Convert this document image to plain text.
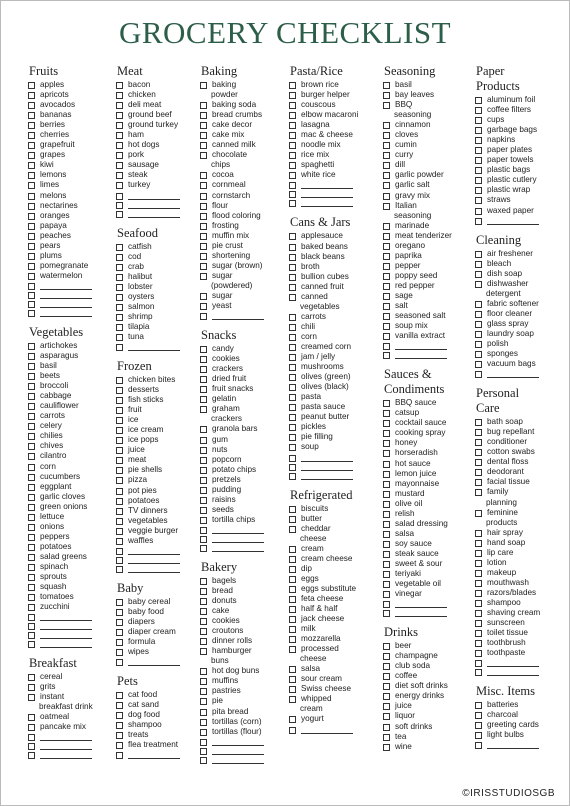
GROCERY CHECKLIST
Fruits
apples
apricots
avocados
bananas
berries
cherries
grapefruit
grapes
kiwi
lemons
limes
melons
nectarines
oranges
papaya
peaches
pears
plums
pomegranate
watermelon
Vegetables
artichokes
asparagus
basil
beets
broccoli
cabbage
cauliflower
carrots
celery
chilies
chives
cilantro
corn
cucumbers
eggplant
garlic cloves
green onions
lettuce
onions
peppers
potatoes
salad greens
spinach
sprouts
squash
tomatoes
zucchini
Breakfast
cereal
grits
instant
breakfast drink
oatmeal
pancake mix
Meat
bacon
chicken
deli meat
ground beef
ground turkey
ham
hot dogs
pork
sausage
steak
turkey
Seafood
catfish
cod
crab
halibut
lobster
oysters
salmon
shrimp
tilapia
tuna
Frozen
chicken bites
desserts
fish sticks
fruit
ice
ice cream
ice pops
juice
meat
pie shells
pizza
pot pies
potatoes
TV dinners
vegetables
veggie burger
waffles
Baby
baby cereal
baby food
diapers
diaper cream
formula
wipes
Pets
cat food
cat sand
dog food
shampoo
treats
flea treatment
Baking
baking
powder
baking soda
bread crumbs
cake decor
cake mix
canned milk
chocolate
chips
cocoa
cornmeal
cornstarch
flour
flood coloring
frosting
muffin mix
pie crust
shortening
sugar (brown)
sugar
(powdered)
sugar
yeast
Snacks
candy
cookies
crackers
dried fruit
fruit snacks
gelatin
graham
crackers
granola bars
gum
nuts
popcorn
potato chips
pretzels
pudding
raisins
seeds
tortilla chips
Bakery
bagels
bread
donuts
cake
cookies
croutons
dinner rolls
hamburger
buns
hot dog buns
muffins
pastries
pie
pita bread
tortillas (corn)
tortillas (flour)
Pasta/Rice
brown rice
burger helper
couscous
elbow macaroni
lasagna
mac & cheese
noodle mix
rice mix
spaghetti
white rice
Cans & Jars
applesauce
baked beans
black beans
broth
bullion cubes
canned fruit
canned
vegetables
carrots
chili
corn
creamed corn
jam / jelly
mushrooms
olives (green)
olives (black)
pasta
pasta sauce
peanut butter
pickles
pie filling
soup
Refrigerated
biscuits
butter
cheddar
cheese
cream
cream cheese
dip
eggs
eggs substitute
feta cheese
half & half
jack cheese
milk
mozzarella
processed
cheese
salsa
sour cream
Swiss cheese
whipped
cream
yogurt
Seasoning
basil
bay leaves
BBQ
seasoning
cinnamon
cloves
cumin
curry
dill
garlic powder
garlic salt
gravy mix
Italian
seasoning
marinade
meat tenderizer
oregano
paprika
pepper
poppy seed
red pepper
sage
salt
seasoned salt
soup mix
vanilla extract
Sauces &
Condiments
BBQ sauce
catsup
cocktail sauce
cooking spray
honey
horseradish
hot sauce
lemon juice
mayonnaise
mustard
olive oil
relish
salad dressing
salsa
soy sauce
steak sauce
sweet & sour
teriyaki
vegetable oil
vinegar
Drinks
beer
champagne
club soda
coffee
diet soft drinks
energy drinks
juice
liquor
soft drinks
tea
wine
Paper
Products
aluminum foil
coffee filters
cups
garbage bags
napkins
paper plates
paper towels
plastic bags
plastic cutlery
plastic wrap
straws
waxed paper
Cleaning
air freshener
bleach
dish soap
dishwasher
detergent
fabric softener
floor cleaner
glass spray
laundry soap
polish
sponges
vacuum bags
Personal
Care
bath soap
bug repellant
conditioner
cotton swabs
dental floss
deodorant
facial tissue
family
planning
feminine
products
hair spray
hand soap
lip care
lotion
makeup
mouthwash
razors/blades
shampoo
shaving cream
sunscreen
toilet tissue
toothbrush
toothpaste
Misc. Items
batteries
charcoal
greeting cards
light bulbs
©IRISSTUDIOSGB
